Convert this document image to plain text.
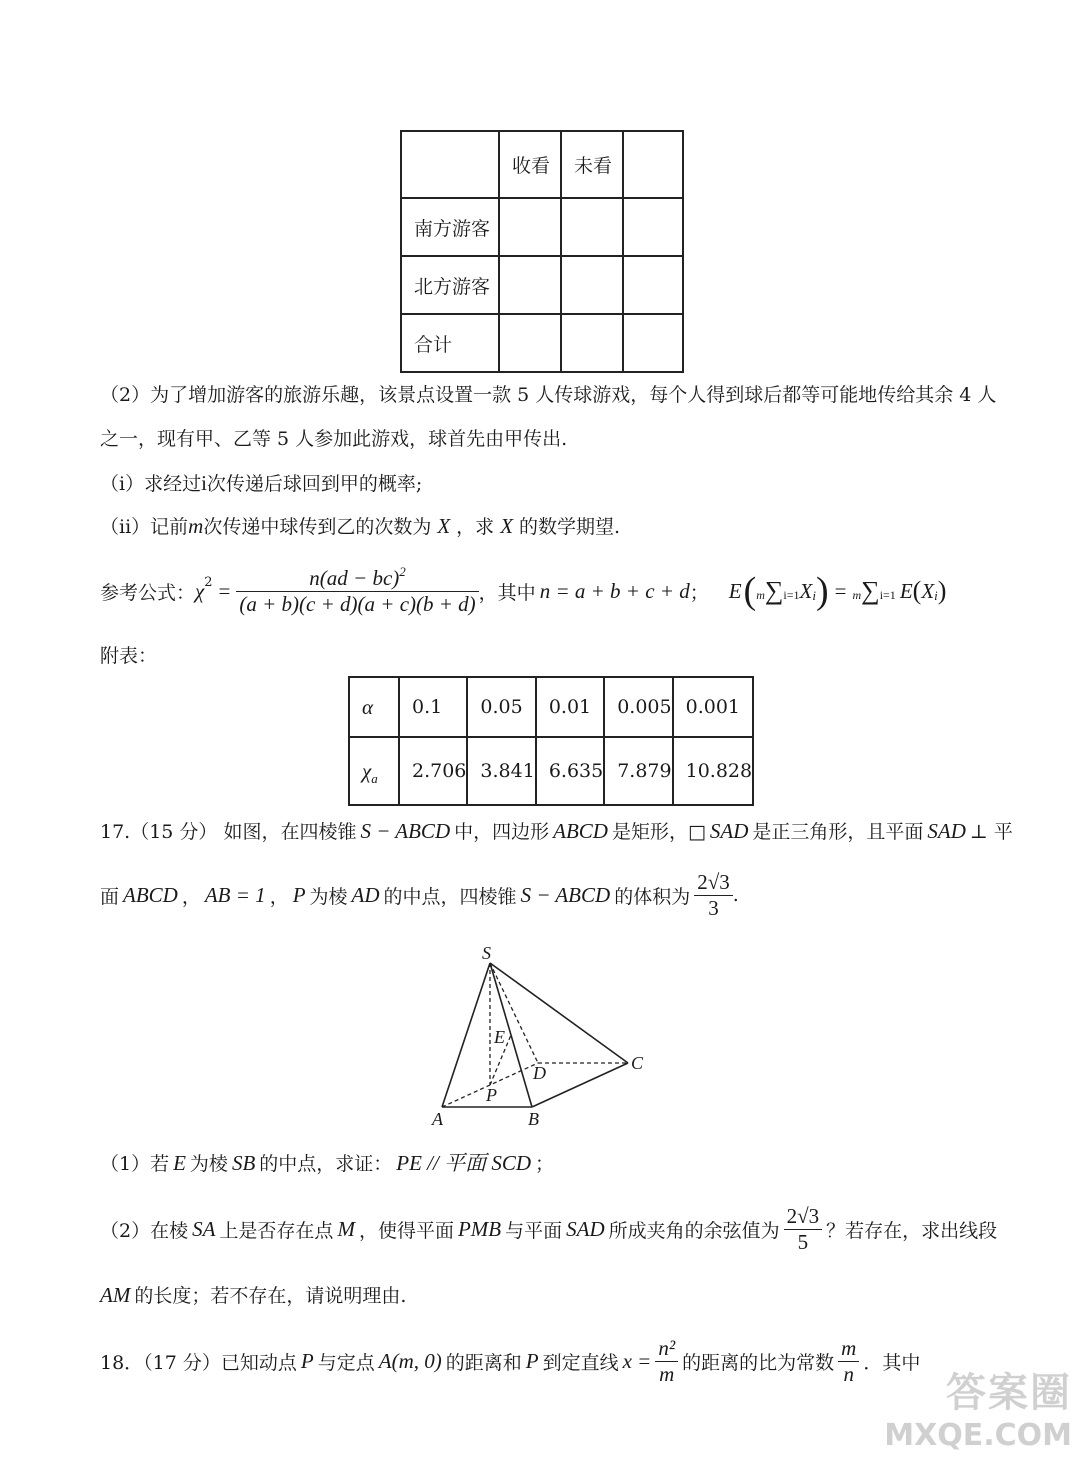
	收看	未看	
南方游客			
北方游客			
合计			
（2）为了增加游客的旅游乐趣，该景点设置一款 5 人传球游戏，每个人得到球后都等可能地传给其余 4 人
之一，现有甲、乙等 5 人参加此游戏，球首先由甲传出.
（i）求经过i次传递后球回到甲的概率;
（ii）记前m次传递中球传到乙的次数为 X ，求 X 的数学期望.
参考公式： χ $2 = \frac{n(ad - bc)^2}{(a + b)(c + d)(a + c)(b + d)}$ ，其中 n = a + b + c + d ； E ( m∑i=1 X i ) = m∑i=1 E ( X i )
附表：
α	0.1	0.05	0.01	0.005	0.001
$\chi_a$	2.706	3.841	6.635	7.879	10.828
17.（15 分） 如图，在四棱锥 S − ABCD 中，四边形 ABCD 是矩形，□ SAD 是正三角形，且平面 SAD ⊥ 平
面 ABCD ， AB = 1 ， P 为棱 AD 的中点，四棱锥 S − ABCD 的体积为 $\frac{2√3}{3}$ .
S
E
D	C
P
A	B
（1）若 E 为棱 SB 的中点，求证： PE // 平面 SCD ；
（2）在棱 SA 上是否存在点 M ，使得平面 PMB 与平面 SAD 所成夹角的余弦值为 $\frac{2√3}{5}$ ？若存在，求出线段
AM 的长度；若不存在，请说明理由.
18．（17 分）已知动点 P 与定点 A(m, 0) 的距离和 P 到定直线 $x = \frac{\text{n²}}{m}$ 的距离的比为常数 $\frac{m}{n}$ ．其中
答案圈
MXQE.COM
